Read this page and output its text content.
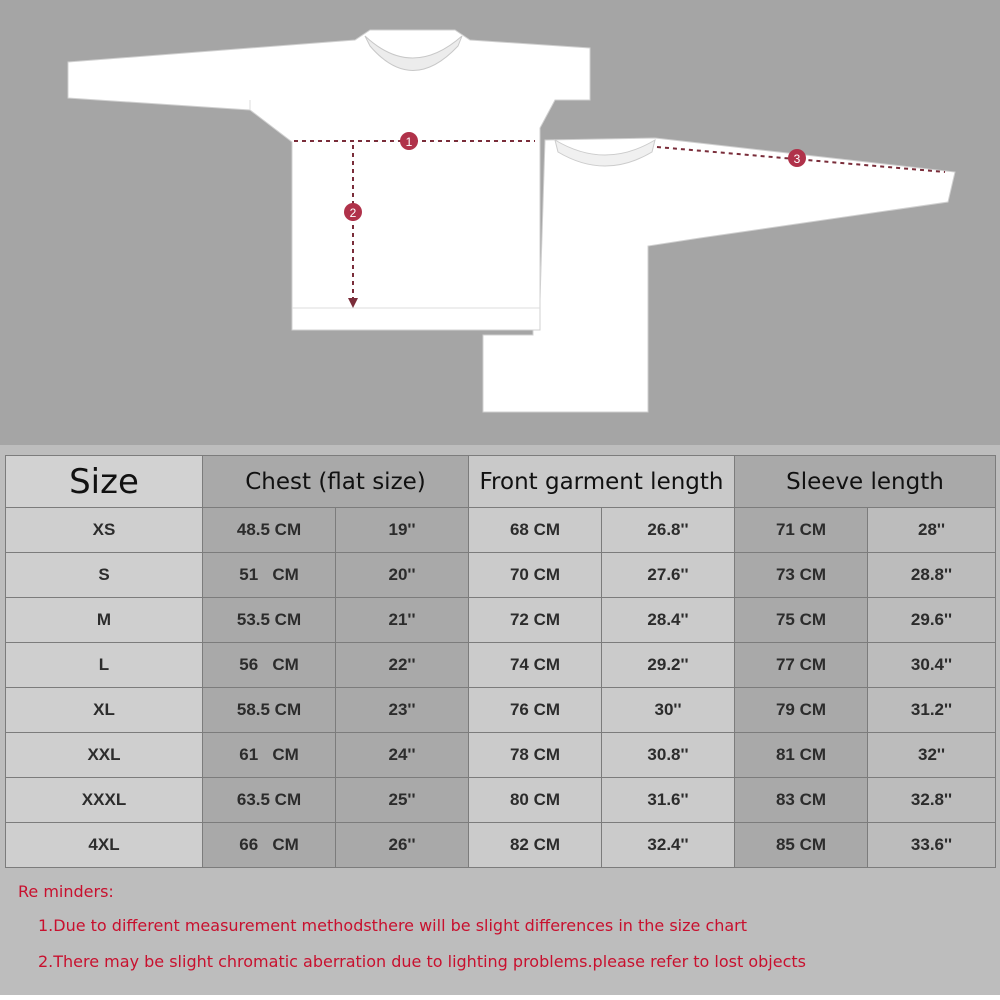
1
2
3
Size	Chest (flat size)		Front garment length		Sleeve length	
XS	48.5 CM	19''	68 CM	26.8''	71 CM	28''
S	51   CM	20''	70 CM	27.6''	73 CM	28.8''
M	53.5 CM	21''	72 CM	28.4''	75 CM	29.6''
L	56   CM	22''	74 CM	29.2''	77 CM	30.4''
XL	58.5 CM	23''	76 CM	30''	79 CM	31.2''
XXL	61   CM	24''	78 CM	30.8''	81 CM	32''
XXXL	63.5 CM	25''	80 CM	31.6''	83 CM	32.8''
4XL	66   CM	26''	82 CM	32.4''	85 CM	33.6''
Re minders:
1.Due to different measurement methodsthere will be slight differences in the size chart
2.There may be slight chromatic aberration due to lighting problems.please refer to lost objects
